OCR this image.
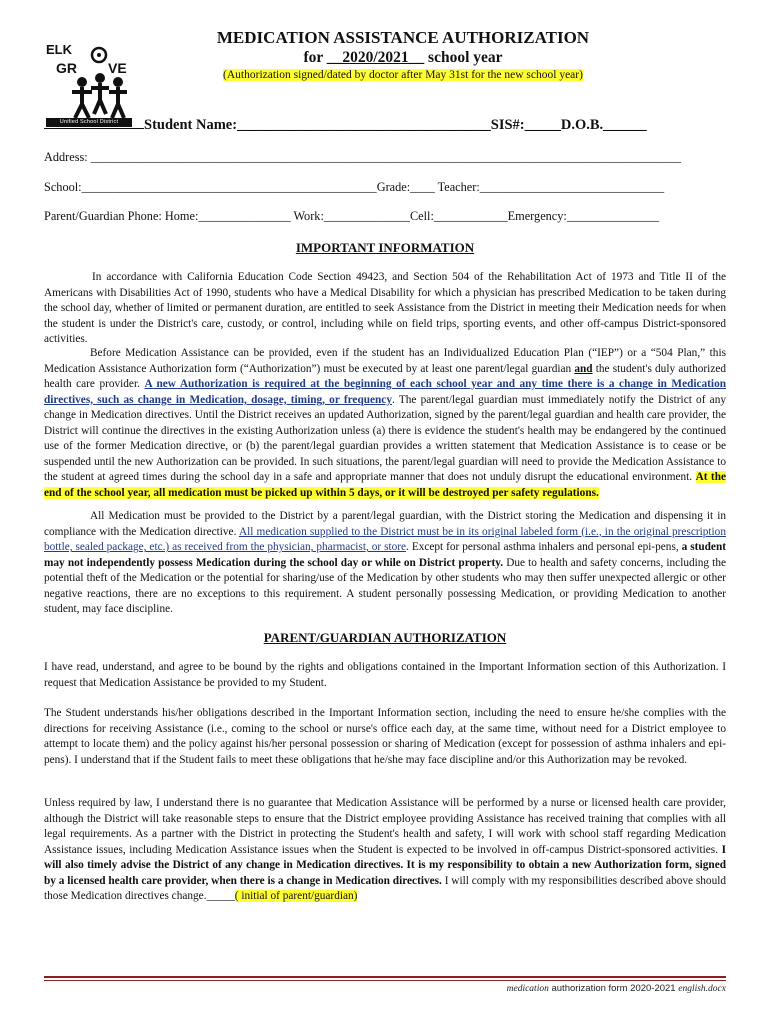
ELK
GR VE
Unified School District
MEDICATION ASSISTANCE AUTHORIZATION
for __2020/2021__ school year
(Authorization signed/dated by doctor after May 31st for the new school year)
Student Name:___________________________________SIS#:_____D.O.B.______
Address: ________________________________________________________________________________________________
School:________________________________________________Grade:____ Teacher:______________________________
Parent/Guardian Phone: Home:_______________ Work:______________Cell:____________Emergency:_______________
IMPORTANT INFORMATION

In accordance with California Education Code Section 49423, and Section 504 of the Rehabilitation Act of 1973 and Title II of the Americans with Disabilities Act of 1990, students who have a Medical Disability for which a physician has prescribed Medication to be taken during the school day, whether of limited or permanent duration, are entitled to seek Assistance from the District in meeting their Medication needs for when the student is under the District's care, custody, or control, including while on field trips, sporting events, and other off-campus District-sponsored activities.

Before Medication Assistance can be provided, even if the student has an Individualized Education Plan (“IEP”) or a “504 Plan,” this Medication Assistance Authorization form (“Authorization”) must be executed by at least one parent/legal guardian and the student's duly authorized health care provider. A new Authorization is required at the beginning of each school year and any time there is a change in Medication directives, such as change in Medication, dosage, timing, or frequency. The parent/legal guardian must immediately notify the District of any change in Medication directives. Until the District receives an updated Authorization, signed by the parent/legal guardian and health care provider, the District will continue the directives in the existing Authorization unless (a) there is evidence the student's health may be endangered by the continued use of the former Medication directive, or (b) the parent/legal guardian provides a written statement that Medication Assistance is to cease or be suspended until the new Authorization can be provided. In such situations, the parent/legal guardian will need to provide the Medication Assistance to the student at agreed times during the school day in a safe and appropriate manner that does not unduly disrupt the educational environment. At the end of the school year, all medication must be picked up within 5 days, or it will be destroyed per safety regulations.

All Medication must be provided to the District by a parent/legal guardian, with the District storing the Medication and dispensing it in compliance with the Medication directive. All medication supplied to the District must be in its original labeled form (i.e., in the original prescription bottle, sealed package, etc.) as received from the physician, pharmacist, or store. Except for personal asthma inhalers and personal epi-pens, a student may not independently possess Medication during the school day or while on District property. Due to health and safety concerns, including the potential theft of the Medication or the potential for sharing/use of the Medication by other students who may then suffer unexpected allergic or other negative reactions, there are no exceptions to this requirement. A student personally possessing Medication, or providing Medication to another student, may face discipline.

PARENT/GUARDIAN AUTHORIZATION

I have read, understand, and agree to be bound by the rights and obligations contained in the Important Information section of this Authorization. I request that Medication Assistance be provided to my Student.

The Student understands his/her obligations described in the Important Information section, including the need to ensure he/she complies with the directions for receiving Assistance (i.e., coming to the school or nurse's office each day, at the same time, without need for a District employee to attempt to locate them) and the policy against his/her personal possession or sharing of Medication (except for possession of asthma inhalers and epi-pens). I understand that if the Student fails to meet these obligations that he/she may face discipline and/or this Authorization may be revoked.

Unless required by law, I understand there is no guarantee that Medication Assistance will be performed by a nurse or licensed health care provider, although the District will take reasonable steps to ensure that the District employee providing Assistance has received training that complies with all legal requirements. As a partner with the District in protecting the Student's health and safety, I will work with school staff regarding Medication Assistance issues, including Medication Assistance issues when the Student is expected to be involved in off-campus District-sponsored activities. I will also timely advise the District of any change in Medication directives. It is my responsibility to obtain a new Authorization form, signed by a licensed health care provider, when there is a change in Medication directives. I will comply with my responsibilities described above should those Medication directives change._____( initial of parent/guardian)

medication authorization form 2020-2021 english.docx
